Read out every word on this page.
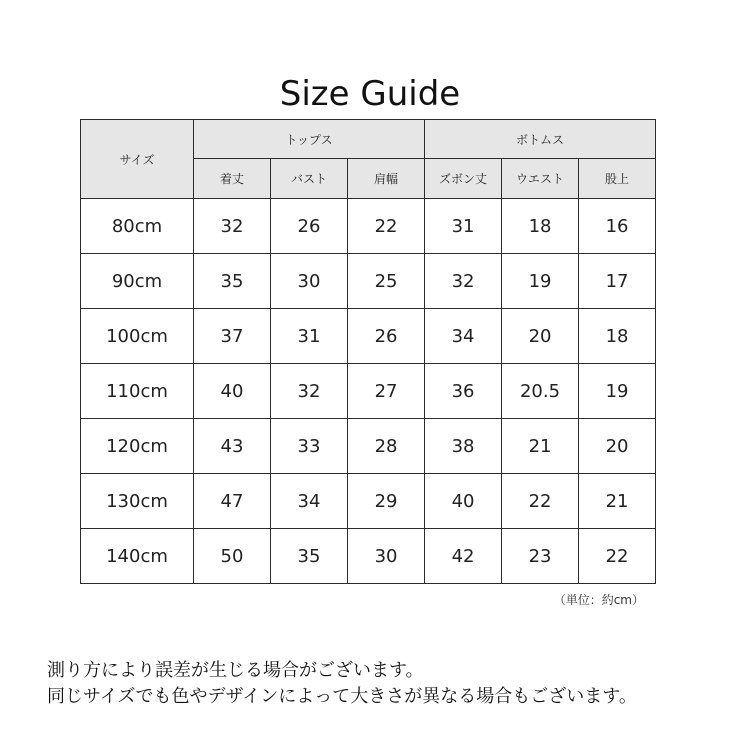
Size Guide
サイズ	トップス			ボトムス		
	着丈	バスト	肩幅	ズボン丈	ウエスト	股上
80cm	32	26	22	31	18	16
90cm	35	30	25	32	19	17
100cm	37	31	26	34	20	18
110cm	40	32	27	36	20.5	19
120cm	43	33	28	38	21	20
130cm	47	34	29	40	22	21
140cm	50	35	30	42	23	22
（単位：約cm）
測り方により誤差が生じる場合がございます。
同じサイズでも色やデザインによって大きさが異なる場合もございます。
